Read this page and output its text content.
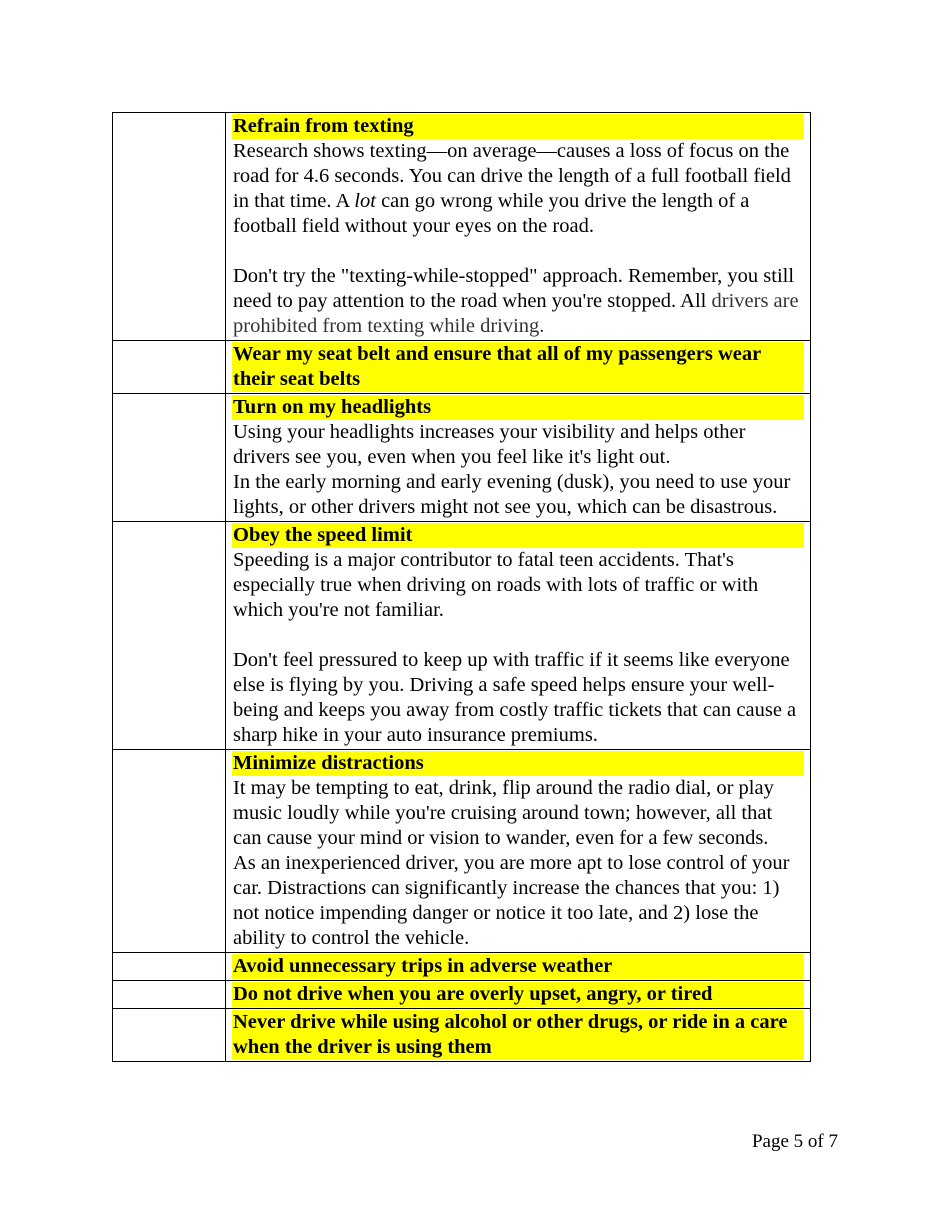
	Refrain from texting

Research shows texting—on average—causes a loss of focus on the road for 4.6 seconds. You can drive the length of a full football field in that time. A lot can go wrong while you drive the length of a football field without your eyes on the road.

Don't try the "texting-while-stopped" approach. Remember, you still need to pay attention to the road when you're stopped. All drivers are prohibited from texting while driving.

	Wear my seat belt and ensure that all of my passengers wear their seat belts

	Turn on my headlights

Using your headlights increases your visibility and helps other drivers see you, even when you feel like it's light out.

In the early morning and early evening (dusk), you need to use your lights, or other drivers might not see you, which can be disastrous.

	Obey the speed limit

Speeding is a major contributor to fatal teen accidents. That's especially true when driving on roads with lots of traffic or with which you're not familiar.

Don't feel pressured to keep up with traffic if it seems like everyone else is flying by you. Driving a safe speed helps ensure your well-being and keeps you away from costly traffic tickets that can cause a sharp hike in your auto insurance premiums.

	Minimize distractions

It may be tempting to eat, drink, flip around the radio dial, or play music loudly while you're cruising around town; however, all that can cause your mind or vision to wander, even for a few seconds.

As an inexperienced driver, you are more apt to lose control of your car. Distractions can significantly increase the chances that you: 1) not notice impending danger or notice it too late, and 2) lose the ability to control the vehicle.

	Avoid unnecessary trips in adverse weather

	Do not drive when you are overly upset, angry, or tired

	Never drive while using alcohol or other drugs, or ride in a care when the driver is using them
Page 5 of 7
